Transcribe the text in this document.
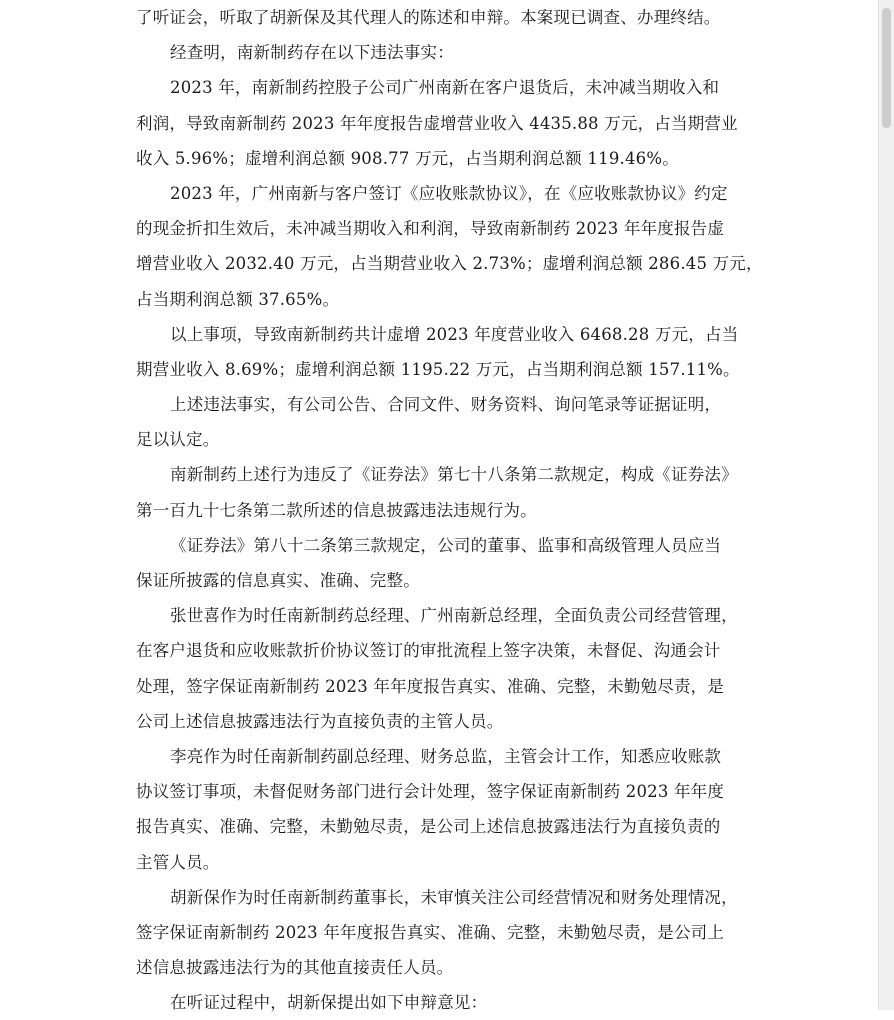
了听证会，听取了胡新保及其代理人的陈述和申辩。本案现已调查、办理终结。
经查明，南新制药存在以下违法事实：
2023 年，南新制药控股子公司广州南新在客户退货后，未冲减当期收入和
利润，导致南新制药 2023 年年度报告虚增营业收入 4435.88 万元，占当期营业
收入 5.96%；虚增利润总额 908.77 万元，占当期利润总额 119.46%。
2023 年，广州南新与客户签订《应收账款协议》，在《应收账款协议》约定
的现金折扣生效后，未冲减当期收入和利润，导致南新制药 2023 年年度报告虚
增营业收入 2032.40 万元，占当期营业收入 2.73%；虚增利润总额 286.45 万元，
占当期利润总额 37.65%。
以上事项，导致南新制药共计虚增 2023 年度营业收入 6468.28 万元，占当
期营业收入 8.69%；虚增利润总额 1195.22 万元，占当期利润总额 157.11%。
上述违法事实，有公司公告、合同文件、财务资料、询问笔录等证据证明，
足以认定。
南新制药上述行为违反了《证券法》第七十八条第二款规定，构成《证券法》
第一百九十七条第二款所述的信息披露违法违规行为。
《证券法》第八十二条第三款规定，公司的董事、监事和高级管理人员应当
保证所披露的信息真实、准确、完整。
张世喜作为时任南新制药总经理、广州南新总经理，全面负责公司经营管理，
在客户退货和应收账款折价协议签订的审批流程上签字决策，未督促、沟通会计
处理，签字保证南新制药 2023 年年度报告真实、准确、完整，未勤勉尽责，是
公司上述信息披露违法行为直接负责的主管人员。
李亮作为时任南新制药副总经理、财务总监，主管会计工作，知悉应收账款
协议签订事项，未督促财务部门进行会计处理，签字保证南新制药 2023 年年度
报告真实、准确、完整，未勤勉尽责，是公司上述信息披露违法行为直接负责的
主管人员。
胡新保作为时任南新制药董事长，未审慎关注公司经营情况和财务处理情况，
签字保证南新制药 2023 年年度报告真实、准确、完整，未勤勉尽责，是公司上
述信息披露违法行为的其他直接责任人员。
在听证过程中，胡新保提出如下申辩意见：
